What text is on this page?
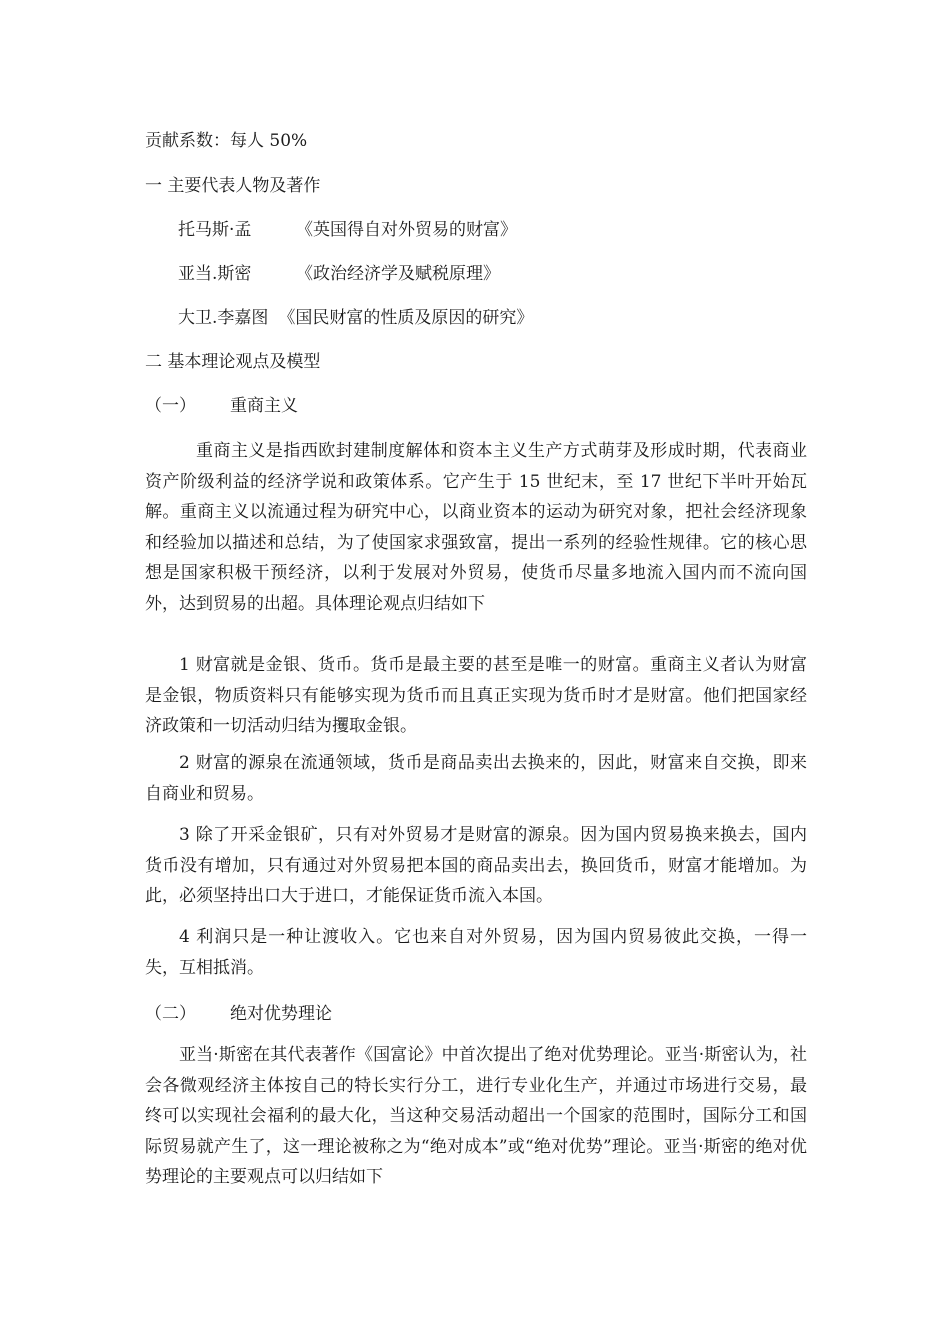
贡献系数：每人 50%
一 主要代表人物及著作
托马斯·孟	《英国得自对外贸易的财富》
亚当.斯密	《政治经济学及赋税原理》
大卫.李嘉图 《国民财富的性质及原因的研究》
二 基本理论观点及模型
（一） 重商主义
重商主义是指西欧封建制度解体和资本主义生产方式萌芽及形成时期，代表商业资产阶级利益的经济学说和政策体系。它产生于 15 世纪末，至 17 世纪下半叶开始瓦解。重商主义以流通过程为研究中心，以商业资本的运动为研究对象，把社会经济现象和经验加以描述和总结，为了使国家求强致富，提出一系列的经验性规律。它的核心思想是国家积极干预经济，以利于发展对外贸易，使货币尽量多地流入国内而不流向国外，达到贸易的出超。具体理论观点归结如下
1 财富就是金银、货币。货币是最主要的甚至是唯一的财富。重商主义者认为财富是金银，物质资料只有能够实现为货币而且真正实现为货币时才是财富。他们把国家经济政策和一切活动归结为攫取金银。
2 财富的源泉在流通领域，货币是商品卖出去换来的，因此，财富来自交换，即来自商业和贸易。
3 除了开采金银矿，只有对外贸易才是财富的源泉。因为国内贸易换来换去，国内货币没有增加，只有通过对外贸易把本国的商品卖出去，换回货币，财富才能增加。为此，必须坚持出口大于进口，才能保证货币流入本国。
4 利润只是一种让渡收入。它也来自对外贸易，因为国内贸易彼此交换，一得一失，互相抵消。
（二） 绝对优势理论
亚当·斯密在其代表著作《国富论》中首次提出了绝对优势理论。亚当·斯密认为，社会各微观经济主体按自己的特长实行分工，进行专业化生产，并通过市场进行交易，最终可以实现社会福利的最大化，当这种交易活动超出一个国家的范围时，国际分工和国际贸易就产生了，这一理论被称之为“绝对成本”或“绝对优势”理论。亚当·斯密的绝对优势理论的主要观点可以归结如下
